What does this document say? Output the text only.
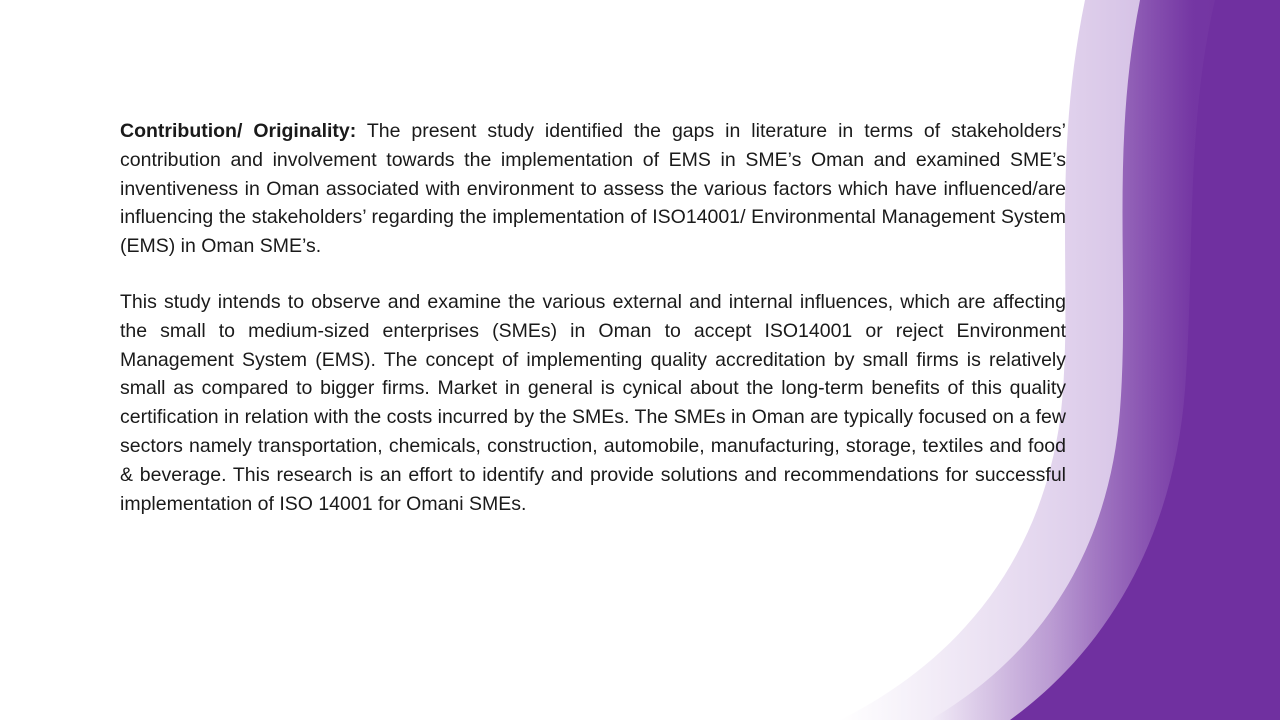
Contribution/ Originality: The present study identified the gaps in literature in terms of stakeholders’ contribution and involvement towards the implementation of EMS in SME’s Oman and examined SME’s inventiveness in Oman associated with environment to assess the various factors which have influenced/are influencing the stakeholders’ regarding the implementation of ISO14001/ Environmental Management System (EMS) in Oman SME’s.

This study intends to observe and examine the various external and internal influences, which are affecting the small to medium-sized enterprises (SMEs) in Oman to accept ISO14001 or reject Environment Management System (EMS). The concept of implementing quality accreditation by small firms is relatively small as compared to bigger firms. Market in general is cynical about the long-term benefits of this quality certification in relation with the costs incurred by the SMEs. The SMEs in Oman are typically focused on a few sectors namely transportation, chemicals, construction, automobile, manufacturing, storage, textiles and food & beverage. This research is an effort to identify and provide solutions and recommendations for successful implementation of ISO 14001 for Omani SMEs.
